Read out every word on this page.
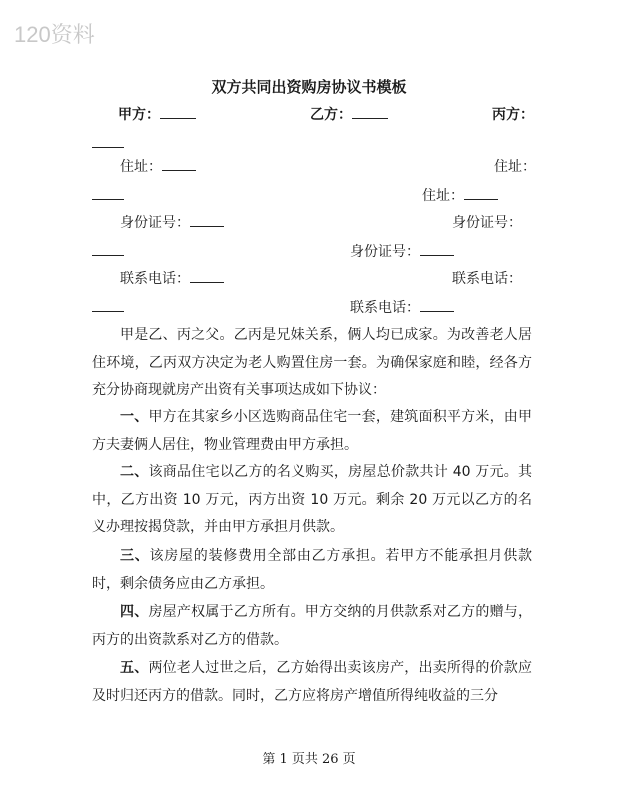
120资料
双方共同出资购房协议书模板
甲方：	乙方：	丙方：
住址：	住址：
住址：
身份证号：	身份证号：
身份证号：
联系电话：	联系电话：
联系电话：
甲是乙、丙之父。乙丙是兄妹关系，俩人均已成家。为改善老人居住环境，乙丙双方决定为老人购置住房一套。为确保家庭和睦，经各方充分协商现就房产出资有关事项达成如下协议：
一、甲方在其家乡小区选购商品住宅一套，建筑面积平方米，由甲方夫妻俩人居住，物业管理费由甲方承担。
二、该商品住宅以乙方的名义购买，房屋总价款共计 40 万元。其中，乙方出资 10 万元，丙方出资 10 万元。剩余 20 万元以乙方的名义办理按揭贷款，并由甲方承担月供款。
三、该房屋的装修费用全部由乙方承担。若甲方不能承担月供款时，剩余债务应由乙方承担。
四、房屋产权属于乙方所有。甲方交纳的月供款系对乙方的赠与，丙方的出资款系对乙方的借款。
五、两位老人过世之后，乙方始得出卖该房产，出卖所得的价款应及时归还丙方的借款。同时，乙方应将房产增值所得纯收益的三分
第 1 页共 26 页
